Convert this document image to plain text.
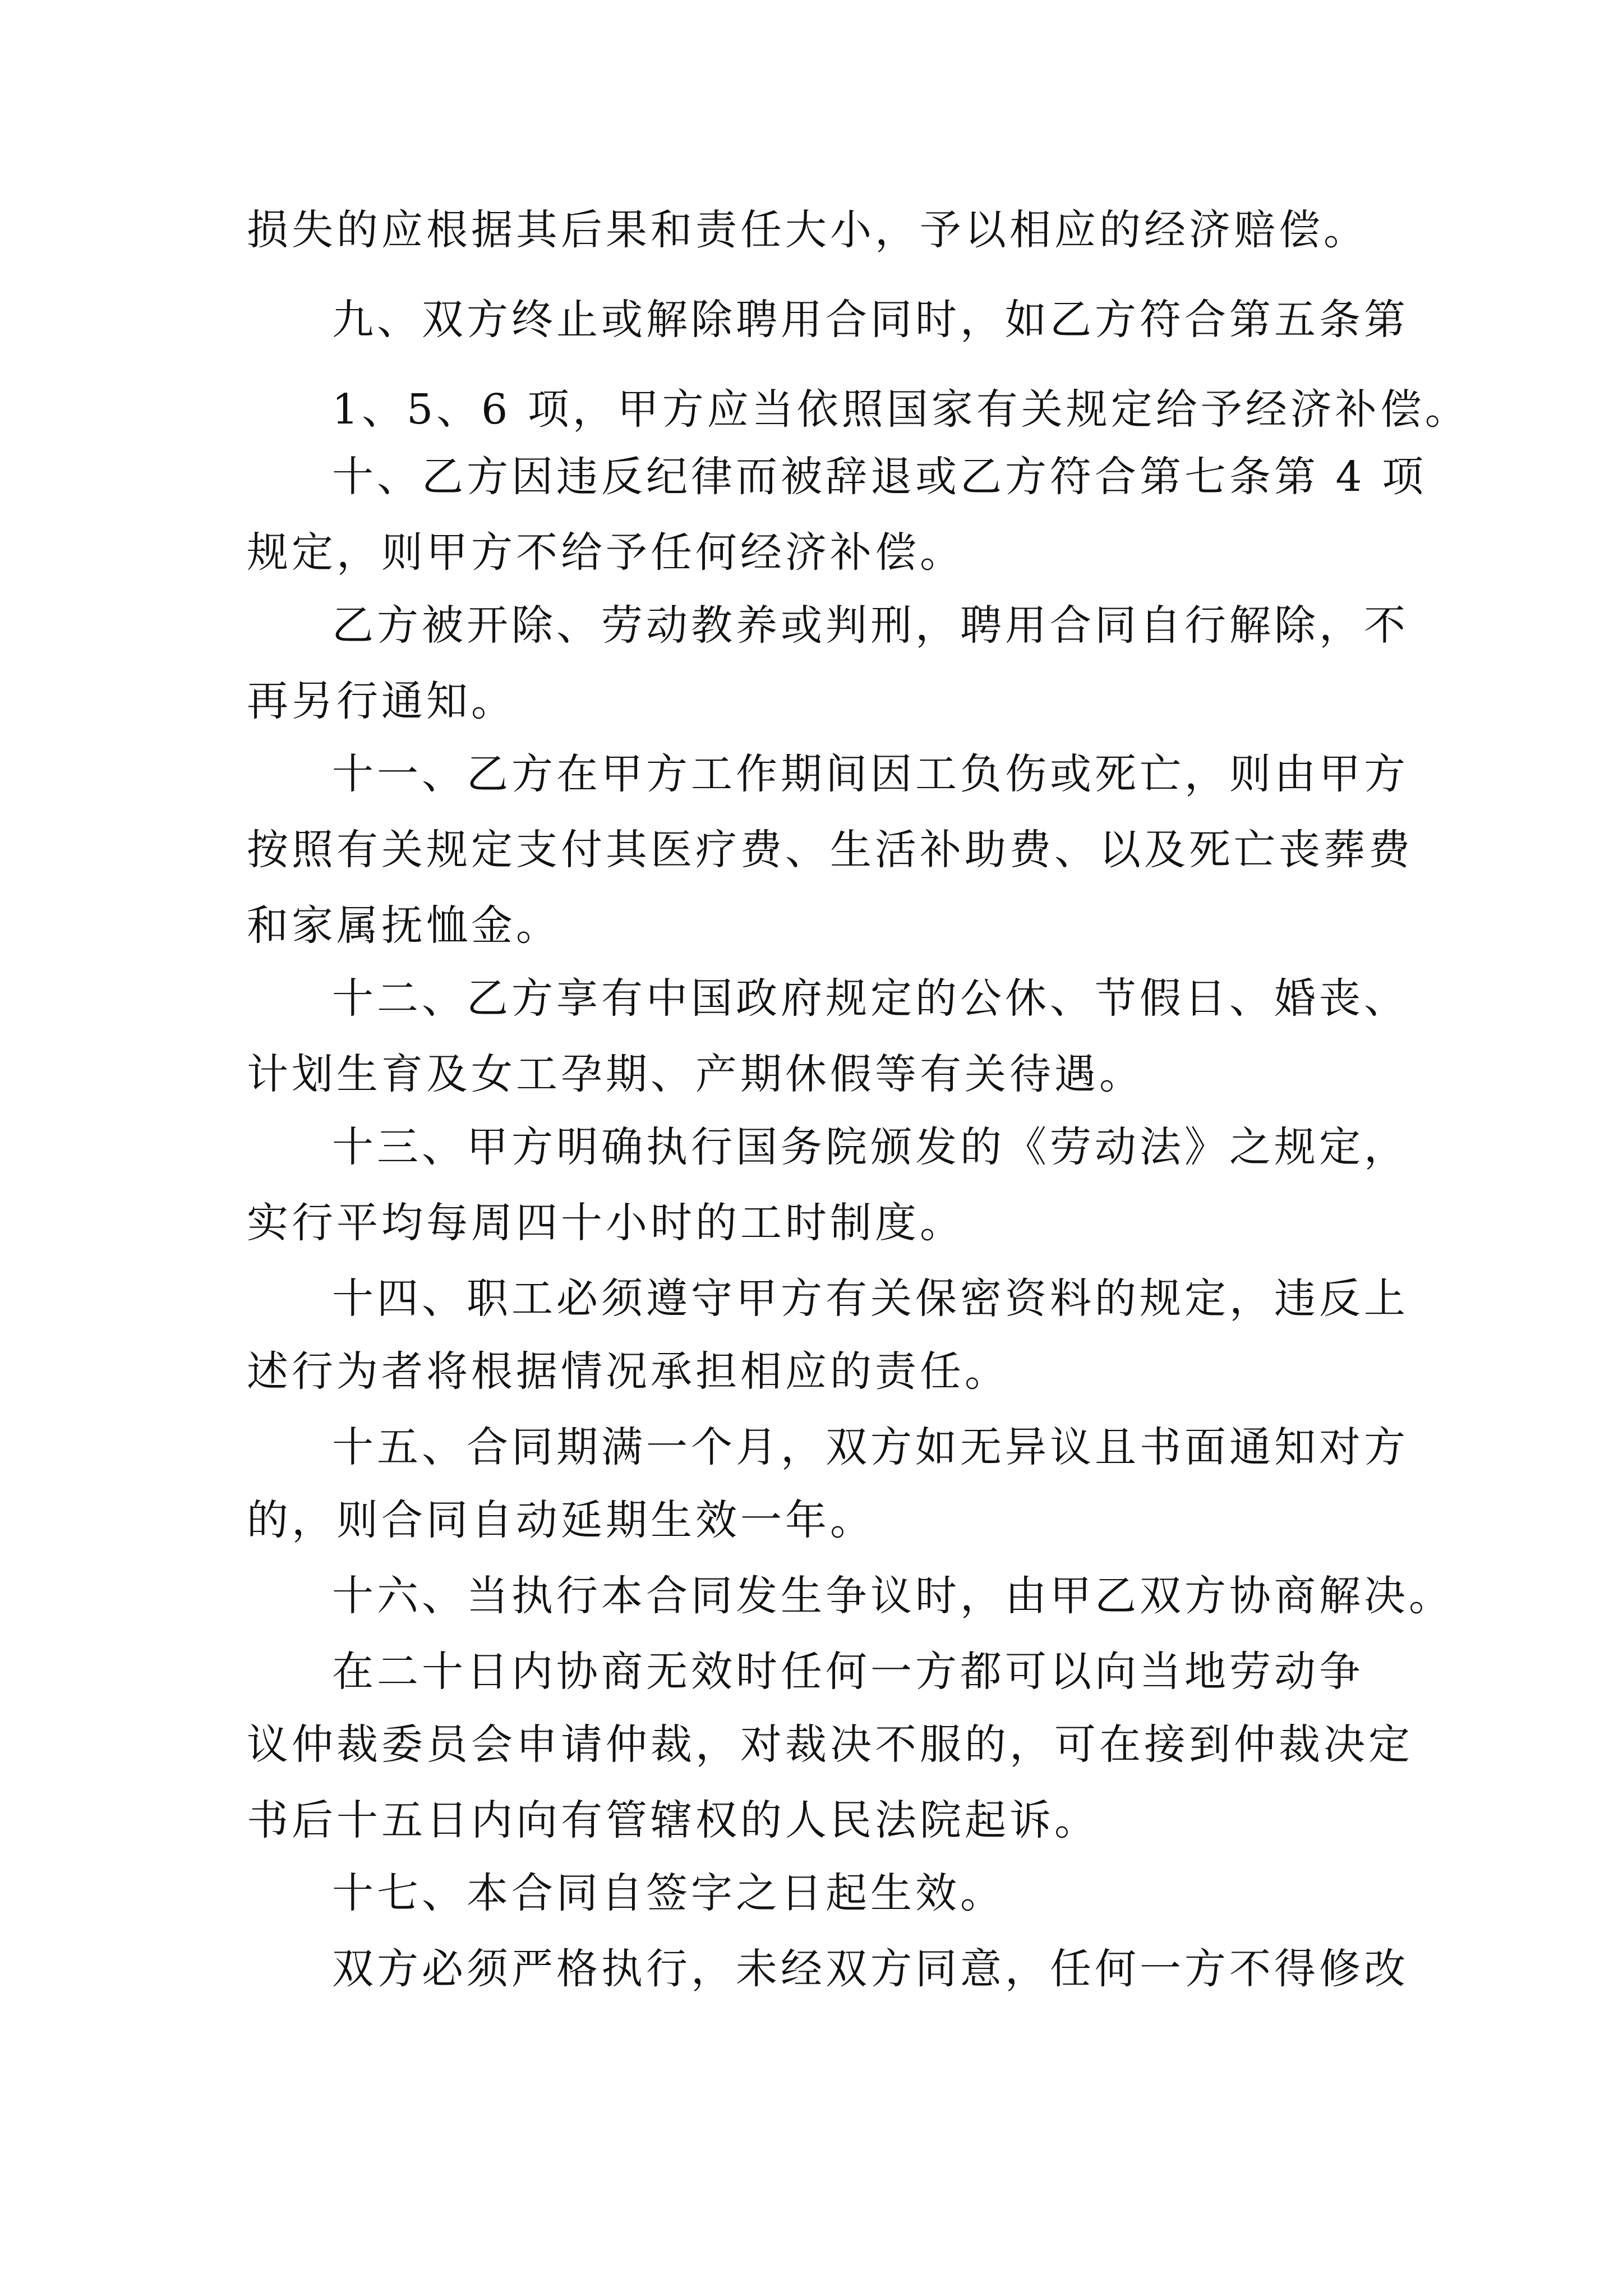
损失的应根据其后果和责任大小，予以相应的经济赔偿。
九、双方终止或解除聘用合同时，如乙方符合第五条第
1、5、6 项，甲方应当依照国家有关规定给予经济补偿。
十、乙方因违反纪律而被辞退或乙方符合第七条第 4 项
规定，则甲方不给予任何经济补偿。
乙方被开除、劳动教养或判刑，聘用合同自行解除，不
再另行通知。
十一、乙方在甲方工作期间因工负伤或死亡，则由甲方
按照有关规定支付其医疗费、生活补助费、以及死亡丧葬费
和家属抚恤金。
十二、乙方享有中国政府规定的公休、节假日、婚丧、
计划生育及女工孕期、产期休假等有关待遇。
十三、甲方明确执行国务院颁发的《劳动法》之规定，
实行平均每周四十小时的工时制度。
十四、职工必须遵守甲方有关保密资料的规定，违反上
述行为者将根据情况承担相应的责任。
十五、合同期满一个月，双方如无异议且书面通知对方
的，则合同自动延期生效一年。
十六、当执行本合同发生争议时，由甲乙双方协商解决。
在二十日内协商无效时任何一方都可以向当地劳动争
议仲裁委员会申请仲裁，对裁决不服的，可在接到仲裁决定
书后十五日内向有管辖权的人民法院起诉。
十七、本合同自签字之日起生效。
双方必须严格执行，未经双方同意，任何一方不得修改
